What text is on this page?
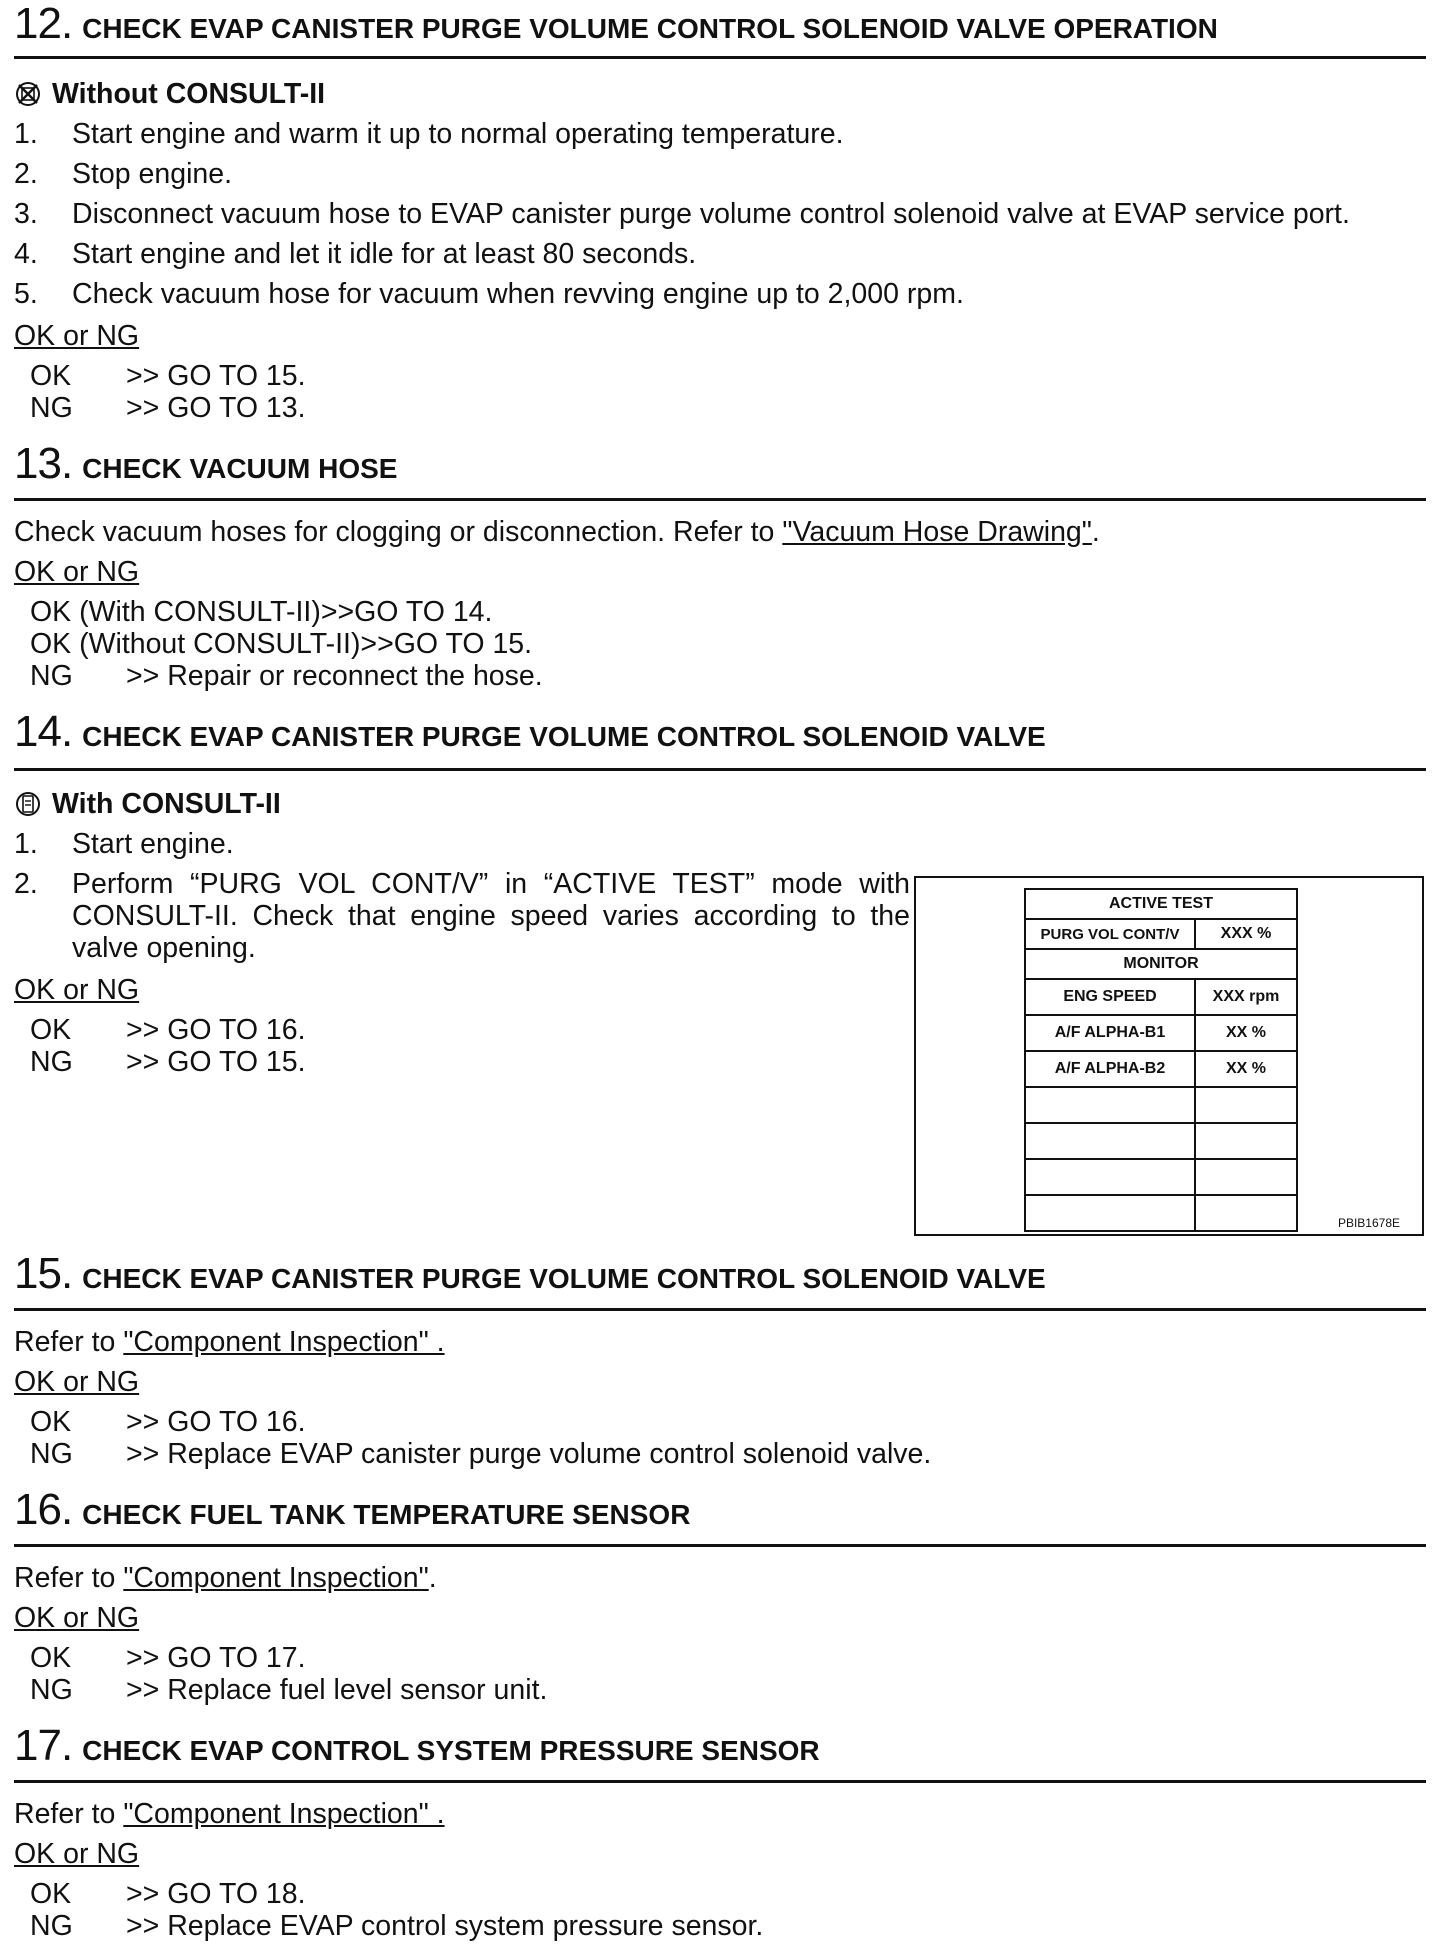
12. CHECK EVAP CANISTER PURGE VOLUME CONTROL SOLENOID VALVE OPERATION
Without CONSULT-II
1.	Start engine and warm it up to normal operating temperature.
2.	Stop engine.
3.	Disconnect vacuum hose to EVAP canister purge volume control solenoid valve at EVAP service port.
4.	Start engine and let it idle for at least 80 seconds.
5.	Check vacuum hose for vacuum when revving engine up to 2,000 rpm.
OK or NG
OK >> GO TO 15.
NG >> GO TO 13.
13. CHECK VACUUM HOSE
Check vacuum hoses for clogging or disconnection. Refer to "Vacuum Hose Drawing".
OK or NG
OK (With CONSULT-II)>>GO TO 14.
OK (Without CONSULT-II)>>GO TO 15.
NG >> Repair or reconnect the hose.
14. CHECK EVAP CANISTER PURGE VOLUME CONTROL SOLENOID VALVE
With CONSULT-II
1.	Start engine.
2.	Perform “PURG VOL CONT/V” in “ACTIVE TEST” mode with CONSULT-II. Check that engine speed varies according to the valve opening.
OK or NG
OK >> GO TO 16.
NG >> GO TO 15.
ACTIVE TEST	
PURG VOL CONT/V	XXX %
MONITOR	
ENG SPEED	XXX rpm
A/F ALPHA-B1	XX %
A/F ALPHA-B2	XX %

PBIB1678E
15. CHECK EVAP CANISTER PURGE VOLUME CONTROL SOLENOID VALVE
Refer to "Component Inspection" .
OK or NG
OK >> GO TO 16.
NG >> Replace EVAP canister purge volume control solenoid valve.
16. CHECK FUEL TANK TEMPERATURE SENSOR
Refer to "Component Inspection".
OK or NG
OK >> GO TO 17.
NG >> Replace fuel level sensor unit.
17. CHECK EVAP CONTROL SYSTEM PRESSURE SENSOR
Refer to "Component Inspection" .
OK or NG
OK >> GO TO 18.
NG >> Replace EVAP control system pressure sensor.
